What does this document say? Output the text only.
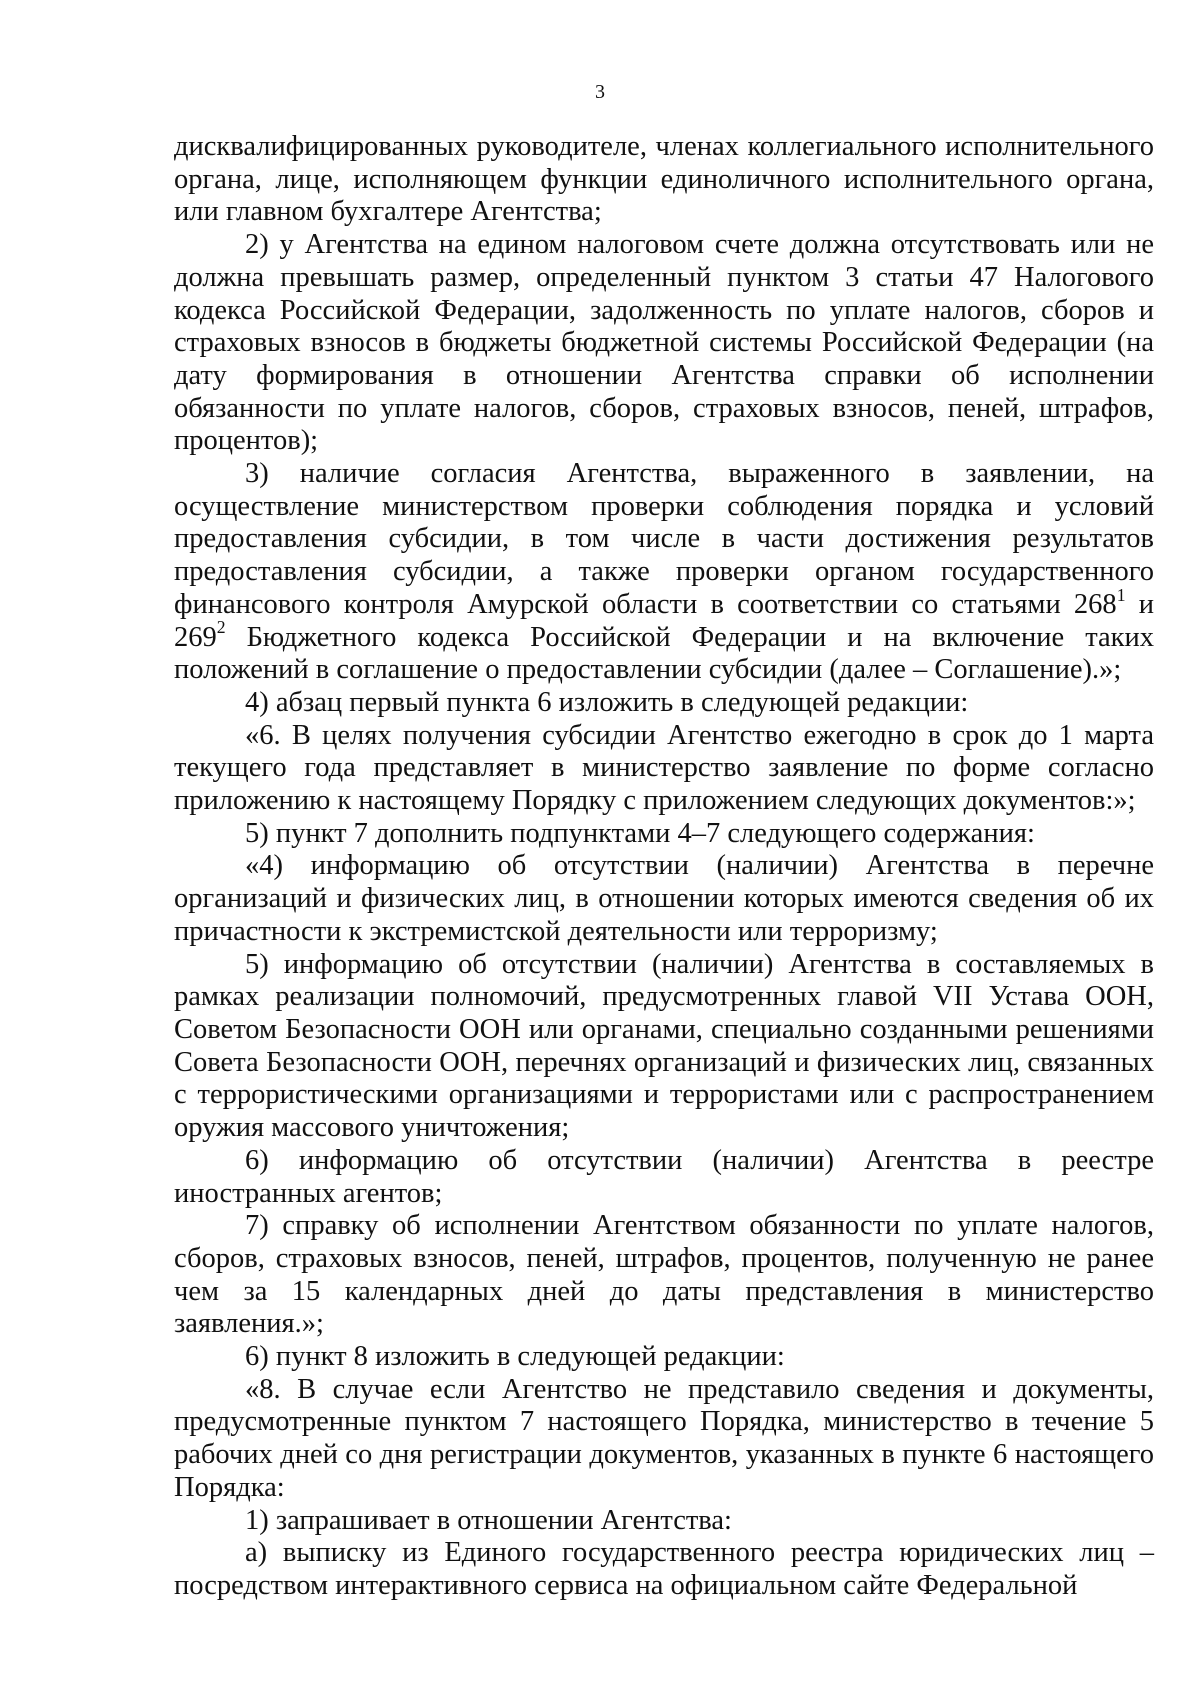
3

дисквалифицированных руководителе, членах коллегиального исполнительного органа, лице, исполняющем функции единоличного исполнительного органа, или главном бухгалтере Агентства;

2) у Агентства на едином налоговом счете должна отсутствовать или не должна превышать размер, определенный пунктом 3 статьи 47 Налогового кодекса Российской Федерации, задолженность по уплате налогов, сборов и страховых взносов в бюджеты бюджетной системы Российской Федерации (на дату формирования в отношении Агентства справки об исполнении обязанности по уплате налогов, сборов, страховых взносов, пеней, штрафов, процентов);

3) наличие согласия Агентства, выраженного в заявлении, на осуществление министерством проверки соблюдения порядка и условий предоставления субсидии, в том числе в части достижения результатов предоставления субсидии, а также проверки органом государственного финансового контроля Амурской области в соответствии со статьями $268^1$ и $269^2$ Бюджетного кодекса Российской Федерации и на включение таких положений в соглашение о предоставлении субсидии (далее – Соглашение).»;

4) абзац первый пункта 6 изложить в следующей редакции:

«6. В целях получения субсидии Агентство ежегодно в срок до 1 марта текущего года представляет в министерство заявление по форме согласно приложению к настоящему Порядку с приложением следующих документов:»;

5) пункт 7 дополнить подпунктами 4–7 следующего содержания:

«4) информацию об отсутствии (наличии) Агентства в перечне организаций и физических лиц, в отношении которых имеются сведения об их причастности к экстремистской деятельности или терроризму;

5) информацию об отсутствии (наличии) Агентства в составляемых в рамках реализации полномочий, предусмотренных главой VII Устава ООН, Советом Безопасности ООН или органами, специально созданными решениями Совета Безопасности ООН, перечнях организаций и физических лиц, связанных с террористическими организациями и террористами или с распространением оружия массового уничтожения;

6) информацию об отсутствии (наличии) Агентства в реестре иностранных агентов;

7) справку об исполнении Агентством обязанности по уплате налогов, сборов, страховых взносов, пеней, штрафов, процентов, полученную не ранее чем за 15 календарных дней до даты представления в министерство заявления.»;

6) пункт 8 изложить в следующей редакции:

«8. В случае если Агентство не представило сведения и документы, предусмотренные пунктом 7 настоящего Порядка, министерство в течение 5 рабочих дней со дня регистрации документов, указанных в пункте 6 настоящего Порядка:

1) запрашивает в отношении Агентства:

а) выписку из Единого государственного реестра юридических лиц – посредством интерактивного сервиса на официальном сайте Федеральной
